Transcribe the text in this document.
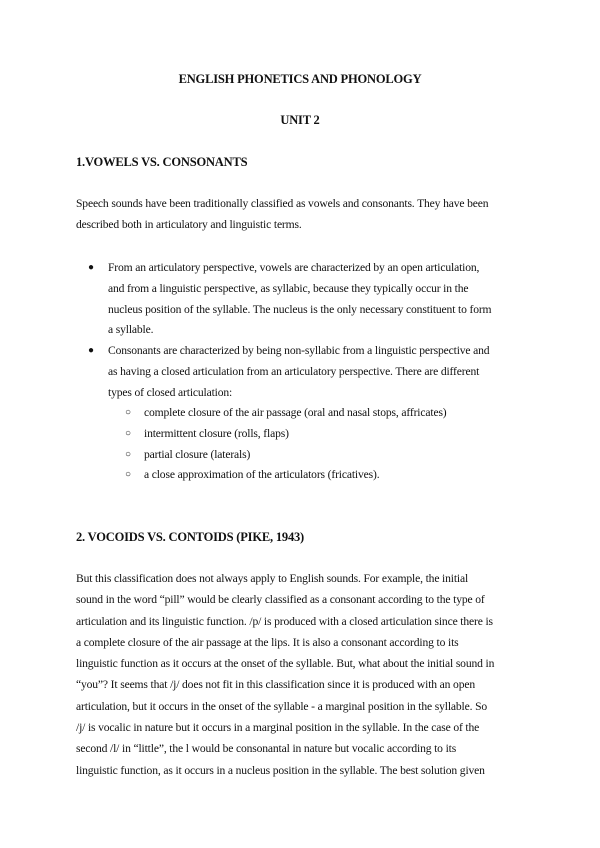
ENGLISH PHONETICS AND PHONOLOGY
UNIT 2
1.VOWELS VS. CONSONANTS

Speech sounds have been traditionally classified as vowels and consonants. They have been
described both in articulatory and linguistic terms.

● From an articulatory perspective, vowels are characterized by an open articulation,
and from a linguistic perspective, as syllabic, because they typically occur in the
nucleus position of the syllable. The nucleus is the only necessary constituent to form
a syllable.
● Consonants are characterized by being non-syllabic from a linguistic perspective and
as having a closed articulation from an articulatory perspective. There are different
types of closed articulation:
○ complete closure of the air passage (oral and nasal stops, affricates)
○ intermittent closure (rolls, flaps)
○ partial closure (laterals)
○ a close approximation of the articulators (fricatives).
2. VOCOIDS VS. CONTOIDS (PIKE, 1943)

But this classification does not always apply to English sounds. For example, the initial
sound in the word “pill” would be clearly classified as a consonant according to the type of
articulation and its linguistic function. /p/ is produced with a closed articulation since there is
a complete closure of the air passage at the lips. It is also a consonant according to its
linguistic function as it occurs at the onset of the syllable. But, what about the initial sound in
“you”? It seems that /j/ does not fit in this classification since it is produced with an open
articulation, but it occurs in the onset of the syllable - a marginal position in the syllable. So
/j/ is vocalic in nature but it occurs in a marginal position in the syllable. In the case of the
second /l/ in “little”, the l would be consonantal in nature but vocalic according to its
linguistic function, as it occurs in a nucleus position in the syllable. The best solution given
